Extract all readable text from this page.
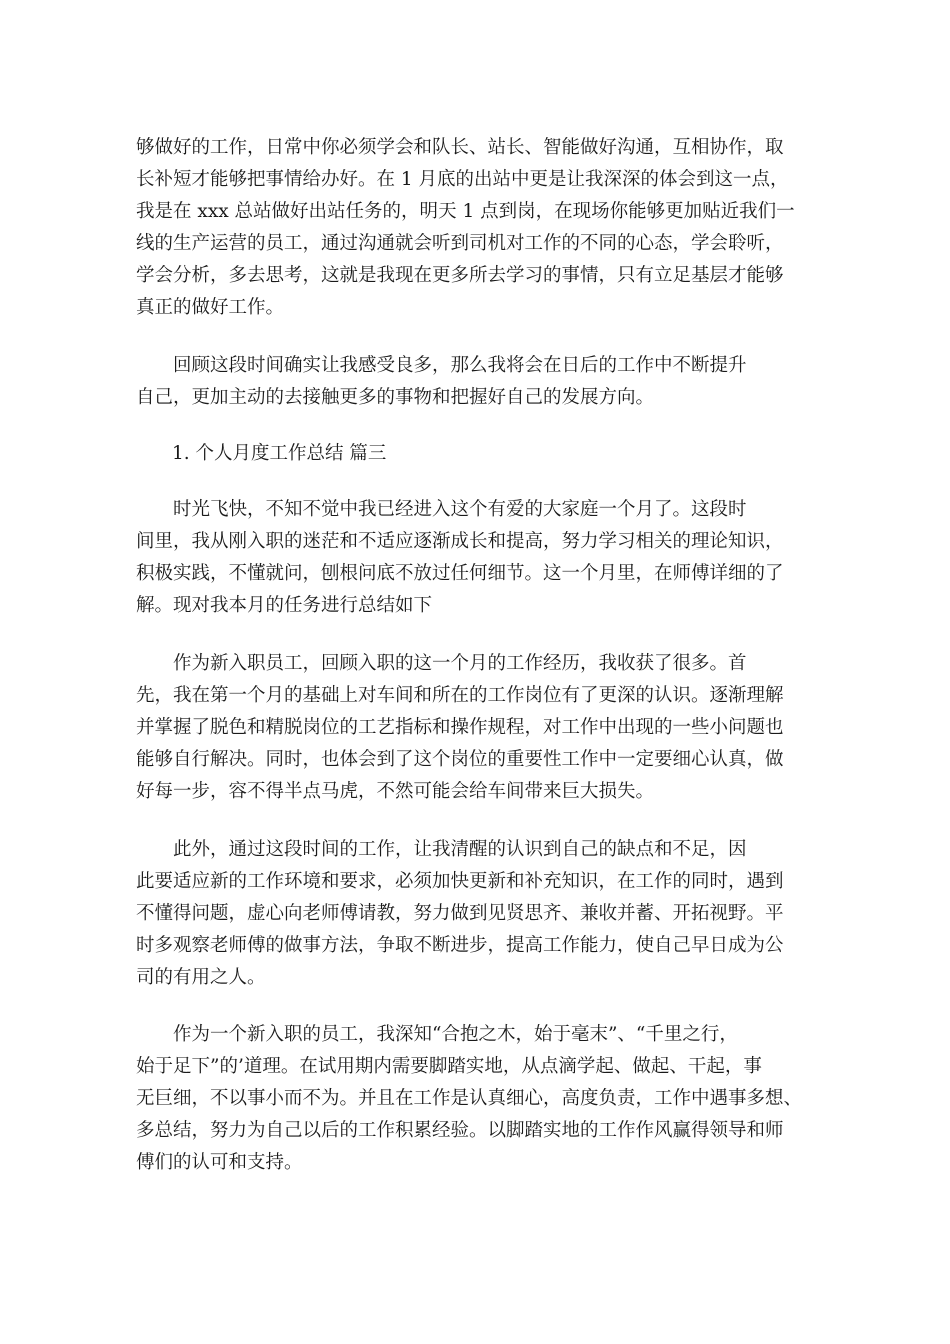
够做好的工作，日常中你必须学会和队长、站长、智能做好沟通，互相协作，取
长补短才能够把事情给办好。在 1 月底的出站中更是让我深深的体会到这一点，
我是在 xxx 总站做好出站任务的，明天 1 点到岗，在现场你能够更加贴近我们一
线的生产运营的员工，通过沟通就会听到司机对工作的不同的心态，学会聆听，
学会分析，多去思考，这就是我现在更多所去学习的事情，只有立足基层才能够
真正的做好工作。
　　回顾这段时间确实让我感受良多，那么我将会在日后的工作中不断提升
自己，更加主动的去接触更多的事物和把握好自己的发展方向。
1. 个人月度工作总结 篇三
　　时光飞快，不知不觉中我已经进入这个有爱的大家庭一个月了。这段时
间里，我从刚入职的迷茫和不适应逐渐成长和提高，努力学习相关的理论知识，
积极实践，不懂就问，刨根问底不放过任何细节。这一个月里，在师傅详细的了
解。现对我本月的任务进行总结如下
　　作为新入职员工，回顾入职的这一个月的工作经历，我收获了很多。首
先，我在第一个月的基础上对车间和所在的工作岗位有了更深的认识。逐渐理解
并掌握了脱色和精脱岗位的工艺指标和操作规程，对工作中出现的一些小问题也
能够自行解决。同时，也体会到了这个岗位的重要性工作中一定要细心认真，做
好每一步，容不得半点马虎，不然可能会给车间带来巨大损失。
　　此外，通过这段时间的工作，让我清醒的认识到自己的缺点和不足，因
此要适应新的工作环境和要求，必须加快更新和补充知识，在工作的同时，遇到
不懂得问题，虚心向老师傅请教，努力做到见贤思齐、兼收并蓄、开拓视野。平
时多观察老师傅的做事方法，争取不断进步，提高工作能力，使自己早日成为公
司的有用之人。
　　作为一个新入职的员工，我深知“合抱之木，始于毫末”、“千里之行，
始于足下”的’道理。在试用期内需要脚踏实地，从点滴学起、做起、干起，事
无巨细，不以事小而不为。并且在工作是认真细心，高度负责，工作中遇事多想、
多总结，努力为自己以后的工作积累经验。以脚踏实地的工作作风赢得领导和师
傅们的认可和支持。
